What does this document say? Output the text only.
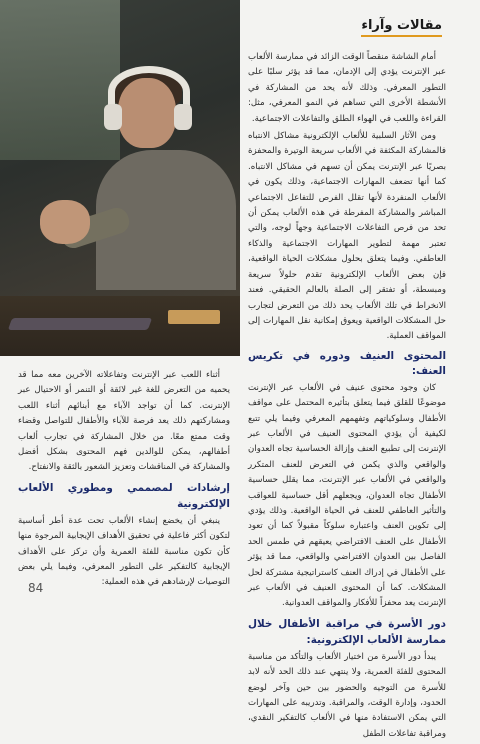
مقالات وآراء

أمام الشاشة منقصاً الوقت الزائد في ممارسة الألعاب عبر الإنترنت يؤدي إلى الإدمان، مما قد يؤثر سلبًا على التطور المعرفي. وذلك لأنه يحد من المشاركة في الأنشطة الأخرى التي تساهم في النمو المعرفي، مثل: القراءة واللعب في الهواء الطلق والتفاعلات الاجتماعية.

ومن الآثار السلبية للألعاب الإلكترونية مشاكل الانتباه فالمشاركة المكثفة في الألعاب سريعة الوتيرة والمحفزة بصريًا عبر الإنترنت يمكن أن تسهم في مشاكل الانتباه. كما أنها تضعف المهارات الاجتماعية، وذلك يكون في الألعاب المنفردة لأنها تقلل الفرص للتفاعل الاجتماعي المباشر والمشاركة المفرطة في هذه الألعاب يمكن أن تحد من فرص التفاعلات الاجتماعية وجهاً لوجه، والتي تعتبر مهمة لتطوير المهارات الاجتماعية والذكاء العاطفي. وفيما يتعلق بحلول مشكلات الحياة الواقعية، فإن بعض الألعاب الإلكترونية تقدم حلولاً سريعة ومبسطة، أو تفتقر إلى الصلة بالعالم الحقيقي. فعند الانخراط في تلك الألعاب يحد ذلك من التعرض لتجارب حل المشكلات الواقعية ويعوق إمكانية نقل المهارات إلى المواقف العملية.

المحتوى العنيف ودوره في تكريس العنف:

كان وجود محتوى عنيف في الألعاب عبر الإنترنت موضوعًا للقلق فيما يتعلق بتأثيره المحتمل على مواقف الأطفال وسلوكياتهم وتفهمهم المعرفي وفيما يلي تتبع لكيفية أن يؤدي المحتوى العنيف في الألعاب عبر الإنترنت إلى تطبيع العنف وإزالة الحساسية تجاه العدوان والواقعي والذي يكمن في التعرض للعنف المتكرر والواقعي في الألعاب عبر الإنترنت، مما يقلل حساسية الأطفال تجاه العدوان، ويجعلهم أقل حساسية للعواقب والتأثير العاطفي للعنف في الحياة الواقعية. وذلك يؤدي إلى تكوين العنف واعتباره سلوكاً مقبولاً كما أن تعود الأطفال على العنف الافتراضي يعيقهم في طمس الحد الفاصل بين العدوان الافتراضي والواقعي، مما قد يؤثر على الأطفال في إدراك العنف كاستراتيجية مشتركة لحل المشكلات. كما أن المحتوى العنيف في الألعاب عبر الإنترنت يعد محفزاً للأفكار والمواقف العدوانية.

دور الأسرة في مراقبة الأطفال خلال ممارسة الألعاب الإلكترونية:

يبدأ دور الأسرة من اختيار الألعاب والتأكد من مناسبة المحتوى للفئة العمرية، ولا ينتهي عند ذلك الحد لأنه لابد للأسرة من التوجيه والحضور بين حين وآخر لوضع الحدود، وإدارة الوقت، والمراقبة. وتدريبه على المهارات التي يمكن الاستفادة منها في الألعاب كالتفكير النقدي، ومراقبة تفاعلات الطفل

أثناء اللعب عبر الإنترنت وتفاعلاته الآخرين معه مما قد يحميه من التعرض للغة غير لائقة أو التنمر أو الاحتيال عبر الإنترنت. كما أن تواجد الآباء مع أبنائهم أثناء اللعب ومشاركتهم ذلك يعد فرصة للآباء والأطفال للتواصل وقضاء وقت ممتع معًا. من خلال المشاركة في تجارب ألعاب أطفالهم، يمكن للوالدين فهم المحتوى بشكل أفضل والمشاركة في المناقشات وتعزيز الشعور بالثقة والانفتاح.

إرشادات لمصممي ومطوري الألعاب الإلكترونية

ينبغي أن يخضع إنشاء الألعاب تحت عدة أطر أساسية لتكون أكثر فاعلية في تحقيق الأهداف الإيجابية المرجوة منها كأن تكون مناسبة للفئة العمرية وأن تركز على الأهداف الإيجابية كالتفكير على التطور المعرفي، وفيما يلي بعض التوصيات لإرشادهم في هذه العملية:

84
